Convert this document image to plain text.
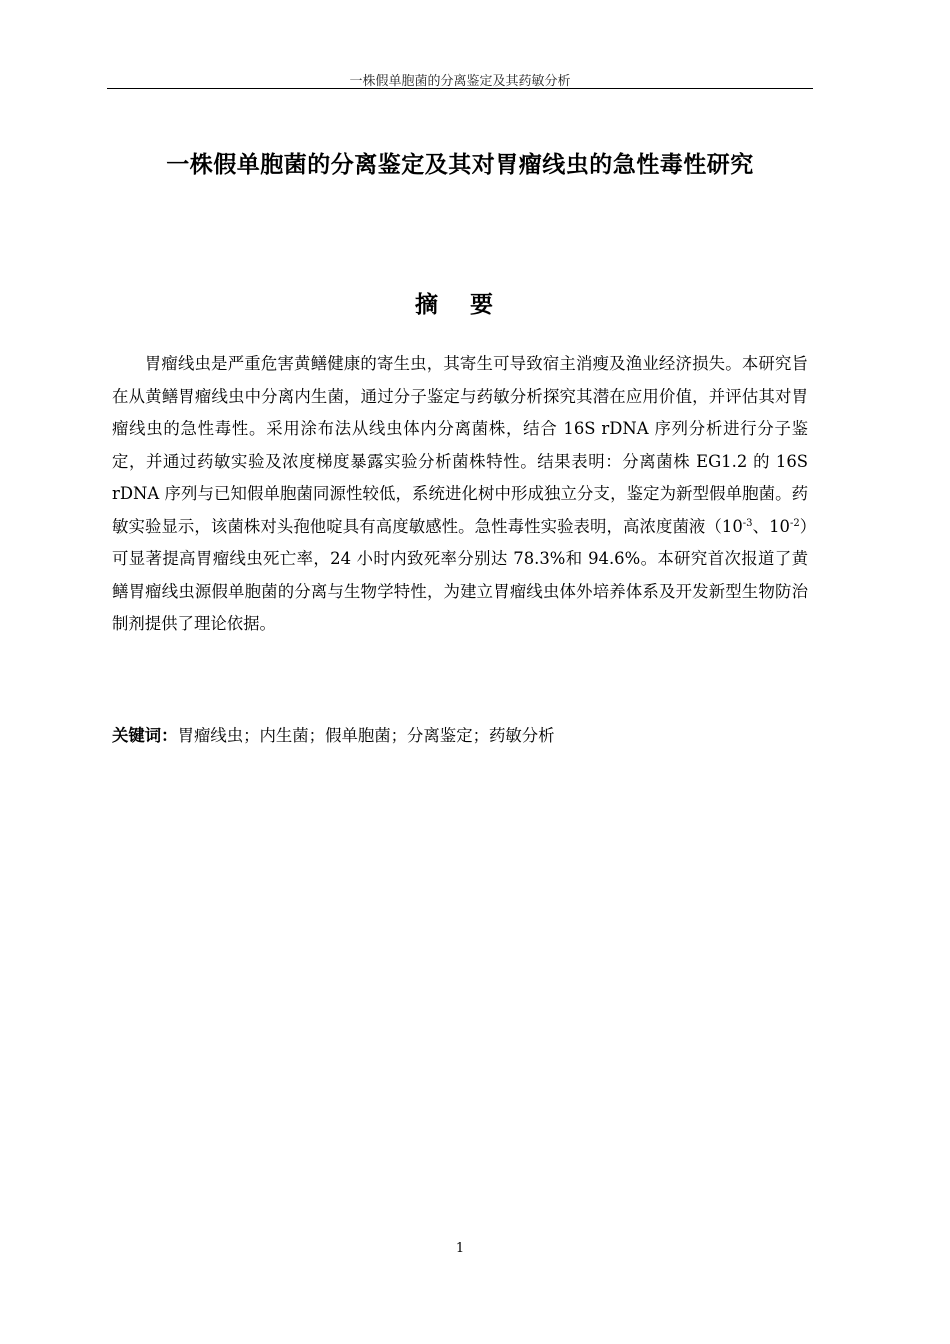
一株假单胞菌的分离鉴定及其药敏分析
一株假单胞菌的分离鉴定及其对胃瘤线虫的急性毒性研究
摘 要

胃瘤线虫是严重危害黄鳝健康的寄生虫，其寄生可导致宿主消瘦及渔业经济损失。本研究旨在从黄鳝胃瘤线虫中分离内生菌，通过分子鉴定与药敏分析探究其潜在应用价值，并评估其对胃瘤线虫的急性毒性。采用涂布法从线虫体内分离菌株，结合 16S rDNA 序列分析进行分子鉴定，并通过药敏实验及浓度梯度暴露实验分析菌株特性。结果表明：分离菌株 EG1.2 的 16S rDNA 序列与已知假单胞菌同源性较低，系统进化树中形成独立分支，鉴定为新型假单胞菌。药敏实验显示，该菌株对头孢他啶具有高度敏感性。急性毒性实验表明，高浓度菌液（$10^{-3}$、$10^{-2}$）可显著提高胃瘤线虫死亡率，24 小时内致死率分别达 78.3%和 94.6%。本研究首次报道了黄鳝胃瘤线虫源假单胞菌的分离与生物学特性，为建立胃瘤线虫体外培养体系及开发新型生物防治制剂提供了理论依据。

关键词：胃瘤线虫；内生菌；假单胞菌；分离鉴定；药敏分析

1
